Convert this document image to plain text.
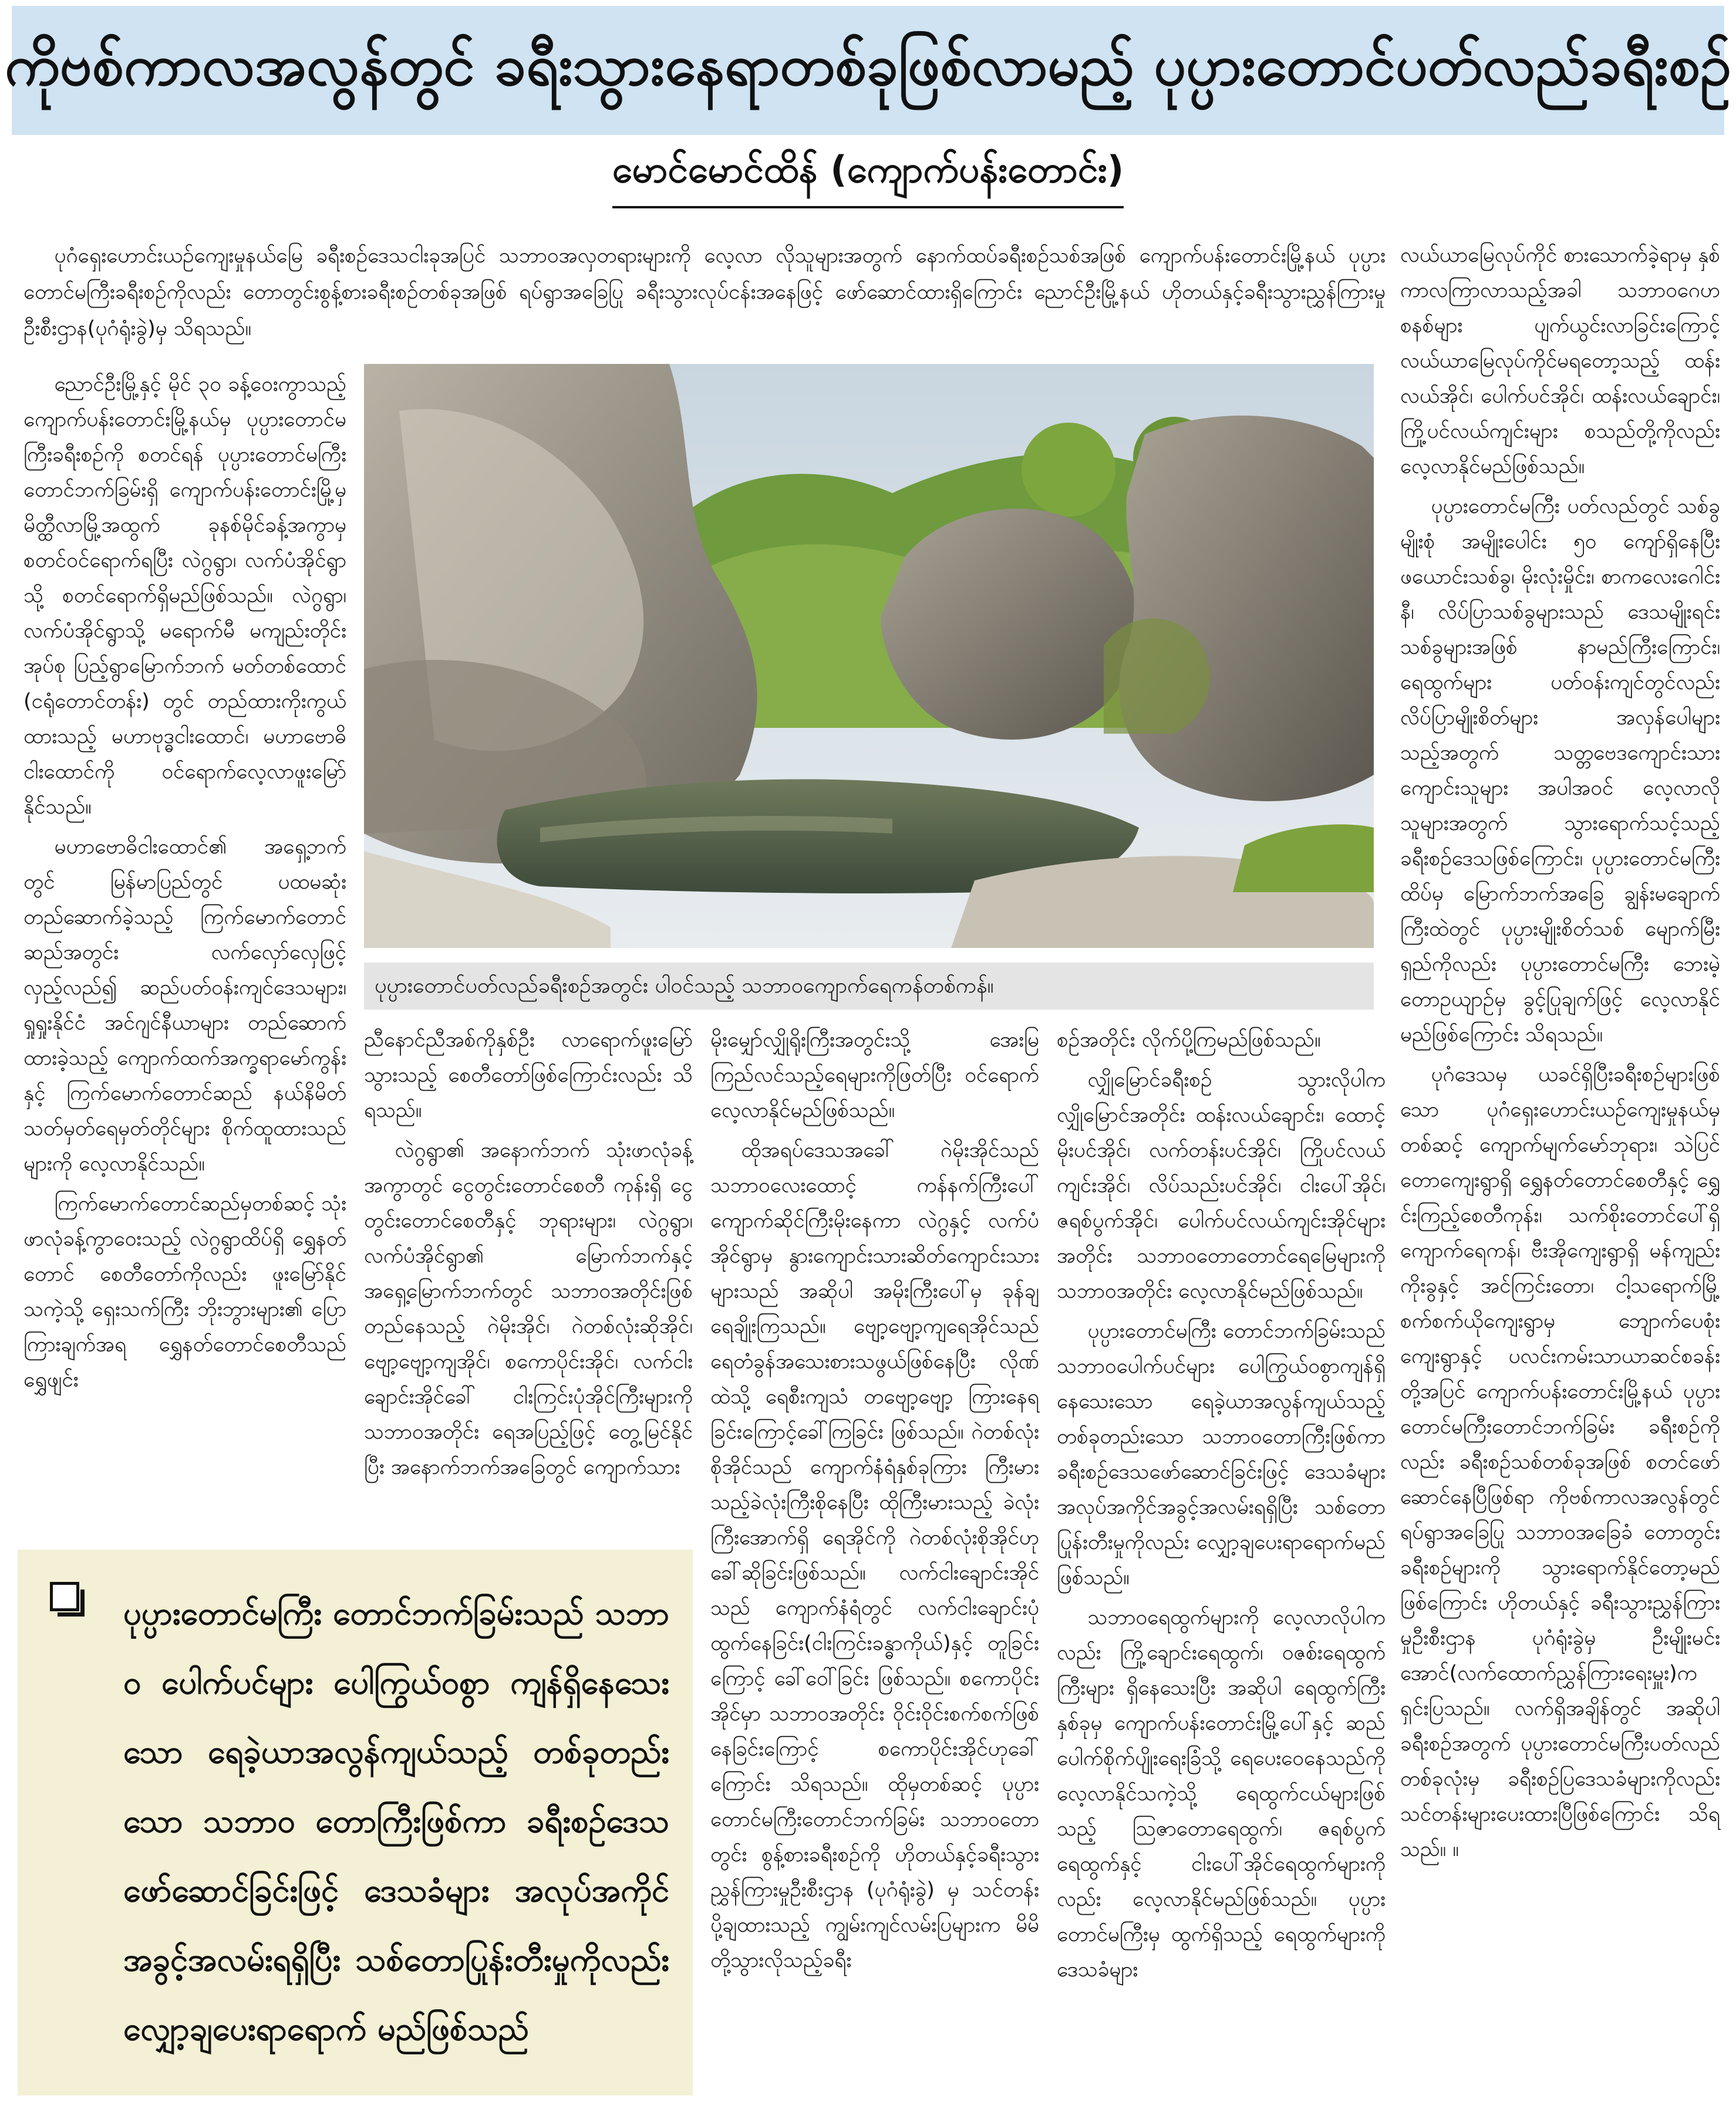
ကိုဗစ်ကာလအလွန်တွင် ခရီးသွားနေရာတစ်ခုဖြစ်လာမည့် ပုပ္ပားတောင်ပတ်လည်ခရီးစဉ်
မောင်မောင်ထိန် (ကျောက်ပန်းတောင်း)

ပုဂံရှေးဟောင်းယဉ်ကျေးမှုနယ်မြေ ခရီးစဉ်ဒေသငါးခုအပြင် သဘာဝအလှတရားများကို လေ့လာ လိုသူများအတွက် နောက်ထပ်ခရီးစဉ်သစ်အဖြစ် ကျောက်ပန်းတောင်းမြို့နယ် ပုပ္ပားတောင်မကြီးခရီးစဉ်ကိုလည်း တောတွင်းစွန့်စားခရီးစဉ်တစ်ခုအဖြစ် ရပ်ရွာအခြေပြု ခရီးသွားလုပ်ငန်းအနေဖြင့် ဖော်ဆောင်ထားရှိကြောင်း ညောင်ဦးမြို့နယ် ဟိုတယ်နှင့်ခရီးသွားညွှန်ကြားမှုဦးစီးဌာန(ပုဂံရုံးခွဲ)မှ သိရသည်။

ညောင်ဦးမြို့နှင့် မိုင် ၃၀ ခန့်ဝေးကွာသည့် ကျောက်ပန်းတောင်းမြို့နယ်မှ ပုပ္ပားတောင်မကြီးခရီးစဉ်ကို စတင်ရန် ပုပ္ပားတောင်မကြီး တောင်ဘက်ခြမ်းရှိ ကျောက်ပန်းတောင်းမြို့မှ မိတ္ထီလာမြို့အထွက် ခုနစ်မိုင်ခန့်အကွာမှ စတင်ဝင်ရောက်ရပြီး လဲဂွရွာ၊ လက်ပံအိုင်ရွာသို့ စတင်ရောက်ရှိမည်ဖြစ်သည်။ လဲဂွရွာ၊ လက်ပံအိုင်ရွာသို့ မရောက်မီ မကျည်းတိုင်းအုပ်စု ပြည့်ရွာမြောက်ဘက် မတ်တစ်ထောင် (ငရုံတောင်တန်း) တွင် တည်ထားကိုးကွယ်ထားသည့် မဟာဗုဒ္ဓငါးထောင်၊ မဟာဗောဓိငါးထောင်ကို ဝင်ရောက်လေ့လာဖူးမြော်နိုင်သည်။

မဟာဗောဓိငါးထောင်၏ အရှေ့ဘက်တွင် မြန်မာပြည်တွင် ပထမဆုံးတည်ဆောက်ခဲ့သည့် ကြက်မောက်တောင်ဆည်အတွင်း လက်လှော်လှေဖြင့် လှည့်လည်၍ ဆည်ပတ်ဝန်းကျင်ဒေသများ၊ ရှုရှုးနိုင်ငံ အင်ဂျင်နီယာများ တည်ဆောက်ထားခဲ့သည့် ကျောက်ထက်အက္ခရာမော်ကွန်းနှင့် ကြက်မောက်တောင်ဆည် နယ်နိမိတ်သတ်မှတ်ရေမှတ်တိုင်များ စိုက်ထူထားသည်များကို လေ့လာနိုင်သည်။

ကြက်မောက်တောင်ဆည်မှတစ်ဆင့် သုံးဖာလုံခန့်ကွာဝေးသည့် လဲဂွရွာထိပ်ရှိ ရွှေနတ်တောင် စေတီတော်ကိုလည်း ဖူးမြော်နိုင်သကဲ့သို့ ရှေးသက်ကြီး ဘိုးဘွားများ၏ ပြောကြားချက်အရ ရွှေနတ်တောင်စေတီသည် ရွှေဖျင်း

ပုပ္ပားတောင်ပတ်လည်ခရီးစဉ်အတွင်း ပါဝင်သည့် သဘာဝကျောက်ရေကန်တစ်ကန်။

ညီနောင်ညီအစ်ကိုနှစ်ဦး လာရောက်ဖူးမြော်သွားသည့် စေတီတော်ဖြစ်ကြောင်းလည်း သိရသည်။

လဲဂွရွာ၏ အနောက်ဘက် သုံးဖာလုံခန့်အကွာတွင် ငွေတွင်းတောင်စေတီ ကုန်းရှိ ငွေတွင်းတောင်စေတီနှင့် ဘုရားများ၊ လဲဂွရွာ၊ လက်ပံအိုင်ရွာ၏ မြောက်ဘက်နှင့် အရှေ့မြောက်ဘက်တွင် သဘာဝအတိုင်းဖြစ်တည်နေသည့် ဂဲမိုးအိုင်၊ ဂဲတစ်လုံးဆိုအိုင်၊ ဗျော့ဗျော့ကျအိုင်၊ စကောပိုင်းအိုင်၊ လက်ငါးချောင်းအိုင်ခေါ် ငါးကြင်းပုံအိုင်ကြီးများကို သဘာဝအတိုင်း ရေအပြည့်ဖြင့် တွေ့မြင်နိုင်ပြီး အနောက်ဘက်အခြေတွင် ကျောက်သား

မိုးမျှော်လျှိုရိုးကြီးအတွင်းသို့ အေးမြကြည်လင်သည့်ရေများကိုဖြတ်ပြီး ဝင်ရောက်လေ့လာနိုင်မည်ဖြစ်သည်။

ထိုအရပ်ဒေသအခေါ် ဂဲမိုးအိုင်သည် သဘာဝလေးထောင့် ကန်နက်ကြီးပေါ် ကျောက်ဆိုင်ကြီးမိုးနေကာ လဲဂွနှင့် လက်ပံအိုင်ရွာမှ နွားကျောင်းသားဆိတ်ကျောင်းသားများသည် အဆိုပါ အမိုးကြီးပေါ်မှ ခုန်ချရေချိုးကြသည်။ ဗျော့ဗျော့ကျရေအိုင်သည် ရေတံခွန်အသေးစားသဖွယ်ဖြစ်နေပြီး လိုဏ်ထဲသို့ ရေစီးကျသံ တဗျော့ဗျော့ ကြားနေရခြင်းကြောင့်ခေါ်ကြခြင်း ဖြစ်သည်။ ဂဲတစ်လုံးစိုအိုင်သည် ကျောက်နံရံနှစ်ခုကြား ကြီးမားသည့်ခဲလုံးကြီးစိုနေပြီး ထိုကြီးမားသည့် ခဲလုံးကြီးအောက်ရှိ ရေအိုင်ကို ဂဲတစ်လုံးစိုအိုင်ဟု ခေါ်ဆိုခြင်းဖြစ်သည်။ လက်ငါးချောင်းအိုင်သည် ကျောက်နံရံတွင် လက်ငါးချောင်းပုံထွက်နေခြင်း(ငါးကြင်းခန္ဓာကိုယ်)နှင့် တူခြင်းကြောင့် ခေါ်ဝေါ်ခြင်း ဖြစ်သည်။ စကောပိုင်းအိုင်မှာ သဘာဝအတိုင်း ဝိုင်းဝိုင်းစက်စက်ဖြစ်နေခြင်းကြောင့် စကောပိုင်းအိုင်ဟုခေါ်ကြောင်း သိရသည်။ ထိုမှတစ်ဆင့် ပုပ္ပားတောင်မကြီးတောင်ဘက်ခြမ်း သဘာဝတောတွင်း စွန့်စားခရီးစဉ်ကို ဟိုတယ်နှင့်ခရီးသွားညွှန်ကြားမှုဦးစီးဌာန (ပုဂံရုံးခွဲ) မှ သင်တန်းပို့ချထားသည့် ကျွမ်းကျင်လမ်းပြများက မိမိတို့သွားလိုသည့်ခရီး

စဉ်အတိုင်း လိုက်ပို့ကြမည်ဖြစ်သည်။

လျှိုမြောင်ခရီးစဉ် သွားလိုပါက လျှိုမြောင်အတိုင်း ထန်းလယ်ချောင်း၊ ထောင့်မိုးပင်အိုင်၊ လက်တန်းပင်အိုင်၊ ကြိုပင်လယ်ကျင်းအိုင်၊ လိပ်သည်းပင်အိုင်၊ ငါးပေါ်အိုင်၊ ဇရစ်ပွက်အိုင်၊ ပေါက်ပင်လယ်ကျင်းအိုင်များအတိုင်း သဘာဝတောတောင်ရေမြေများကို သဘာဝအတိုင်း လေ့လာနိုင်မည်ဖြစ်သည်။

ပုပ္ပားတောင်မကြီး တောင်ဘက်ခြမ်းသည် သဘာဝပေါက်ပင်များ ပေါကြွယ်ဝစွာကျန်ရှိနေသေးသော ရေခဲ့ယာအလွန်ကျယ်သည့် တစ်ခုတည်းသော သဘာဝတောကြီးဖြစ်ကာ ခရီးစဉ်ဒေသဖော်ဆောင်ခြင်းဖြင့် ဒေသခံများ အလုပ်အကိုင်အခွင့်အလမ်းရရှိပြီး သစ်တောပြုန်းတီးမှုကိုလည်း လျှော့ချပေးရာရောက်မည်ဖြစ်သည်။

သဘာဝရေထွက်များကို လေ့လာလိုပါကလည်း ကြို့ချောင်းရေထွက်၊ ဝဇစ်းရေထွက်ကြီးများ ရှိနေသေးပြီး အဆိုပါ ရေထွက်ကြီးနှစ်ခုမှ ကျောက်ပန်းတောင်းမြို့ပေါ်နှင့် ဆည်ပေါက်စိုက်ပျိုးရေးခြံသို့ ရေပေးဝေနေသည်ကိုလေ့လာနိုင်သကဲ့သို့ ရေထွက်ငယ်များဖြစ်သည့် ဩဇာတောရေထွက်၊ ဇရစ်ပွက်ရေထွက်နှင့် ငါးပေါ်အိုင်ရေထွက်များကိုလည်း လေ့လာနိုင်မည်ဖြစ်သည်။ ပုပ္ပားတောင်မကြီးမှ ထွက်ရှိသည့် ရေထွက်များကို ဒေသခံများ

လယ်ယာမြေလုပ်ကိုင် စားသောက်ခဲ့ရာမှ နှစ်ကာလကြာလာသည့်အခါ သဘာဝဂေဟစနစ်များ ပျက်ယွင်းလာခြင်းကြောင့် လယ်ယာမြေလုပ်ကိုင်မရတော့သည့် ထန်းလယ်အိုင်၊ ပေါက်ပင်အိုင်၊ ထန်းလယ်ချောင်း၊ ကြို့ပင်လယ်ကျင်းများ စသည်တို့ကိုလည်း လေ့လာနိုင်မည်ဖြစ်သည်။

ပုပ္ပားတောင်မကြီး ပတ်လည်တွင် သစ်ခွမျိုးစုံ အမျိုးပေါင်း ၅၀ ကျော်ရှိနေပြီး ဖယောင်းသစ်ခွ၊ မိုးလုံးမှိုင်း၊ စာကလေးဂေါင်းနီ၊ လိပ်ပြာသစ်ခွများသည် ဒေသမျိုးရင်းသစ်ခွများအဖြစ် နာမည်ကြီးကြောင်း၊ ရေထွက်များ ပတ်ဝန်းကျင်တွင်လည်း လိပ်ပြာမျိုးစိတ်များ အလှန်ပေါများသည့်အတွက် သတ္တဗေဒကျောင်းသား ကျောင်းသူများ အပါအဝင် လေ့လာလိုသူများအတွက် သွားရောက်သင့်သည့် ခရီးစဉ်ဒေသဖြစ်ကြောင်း၊ ပုပ္ပားတောင်မကြီးထိပ်မှ မြောက်ဘက်အခြေ ချွန်းမချောက်ကြီးထဲတွင် ပုပ္ပားမျိုးစိတ်သစ် မျောက်မြီးရှည်ကိုလည်း ပုပ္ပားတောင်မကြီး ဘေးမဲ့တောဥယျာဉ်မှ ခွင့်ပြုချက်ဖြင့် လေ့လာနိုင်မည်ဖြစ်ကြောင်း သိရသည်။

ပုဂံဒေသမှ ယခင်ရှိပြီးခရီးစဉ်များဖြစ်သော ပုဂံရှေးဟောင်းယဉ်ကျေးမှုနယ်မှတစ်ဆင့် ကျောက်မျက်မော်ဘုရား၊ သဲပြင်တောကျေးရွာရှိ ရွှေနတ်တောင်စေတီနှင့် ရွှေင်းကြည့်စေတီကုန်း၊ သက်စိုးတောင်ပေါ်ရှိ ကျောက်ရေကန်၊ ဗီးအိုကျေးရွာရှိ မန်ကျည်းကိုးခွနှင့် အင်ကြင်းတော၊ ငါ့သရောက်မြို့ စက်စက်ယိုကျေးရွာမှ ဘျောက်ပေစုံးကျေးရွာနှင့် ပလင်းကမ်းသာယာဆင်စခန်းတို့အပြင် ကျောက်ပန်းတောင်းမြို့နယ် ပုပ္ပားတောင်မကြီးတောင်ဘက်ခြမ်း ခရီးစဉ်ကိုလည်း ခရီးစဉ်သစ်တစ်ခုအဖြစ် စတင်ဖော်ဆောင်နေပြီဖြစ်ရာ ကိုဗစ်ကာလအလွန်တွင် ရပ်ရွာအခြေပြု သဘာဝအခြေခံ တောတွင်းခရီးစဉ်များကို သွားရောက်နိုင်တော့မည် ဖြစ်ကြောင်း ဟိုတယ်နှင့် ခရီးသွားညွှန်ကြားမှုဦးစီးဌာန ပုဂံရုံးခွဲမှ ဦးမျိုးမင်းအောင်(လက်ထောက်ညွှန်ကြားရေးမှူး)က ရှင်းပြသည်။ လက်ရှိအချိန်တွင် အဆိုပါခရီးစဉ်အတွက် ပုပ္ပားတောင်မကြီးပတ်လည် တစ်ခုလုံးမှ ခရီးစဉ်ပြဒေသခံများကိုလည်း သင်တန်းများပေးထားပြီဖြစ်ကြောင်း သိရသည်။ ။

ပုပ္ပားတောင်မကြီး တောင်ဘက်ခြမ်းသည် သဘာဝ ပေါက်ပင်များ ပေါကြွယ်ဝစွာ ကျန်ရှိနေသေးသော ရေခဲ့ယာအလွန်ကျယ်သည့် တစ်ခုတည်းသော သဘာဝ တောကြီးဖြစ်ကာ ခရီးစဉ်ဒေသဖော်ဆောင်ခြင်းဖြင့် ဒေသခံများ အလုပ်အကိုင် အခွင့်အလမ်းရရှိပြီး သစ်တောပြုန်းတီးမှုကိုလည်း လျှော့ချပေးရာရောက် မည်ဖြစ်သည်
